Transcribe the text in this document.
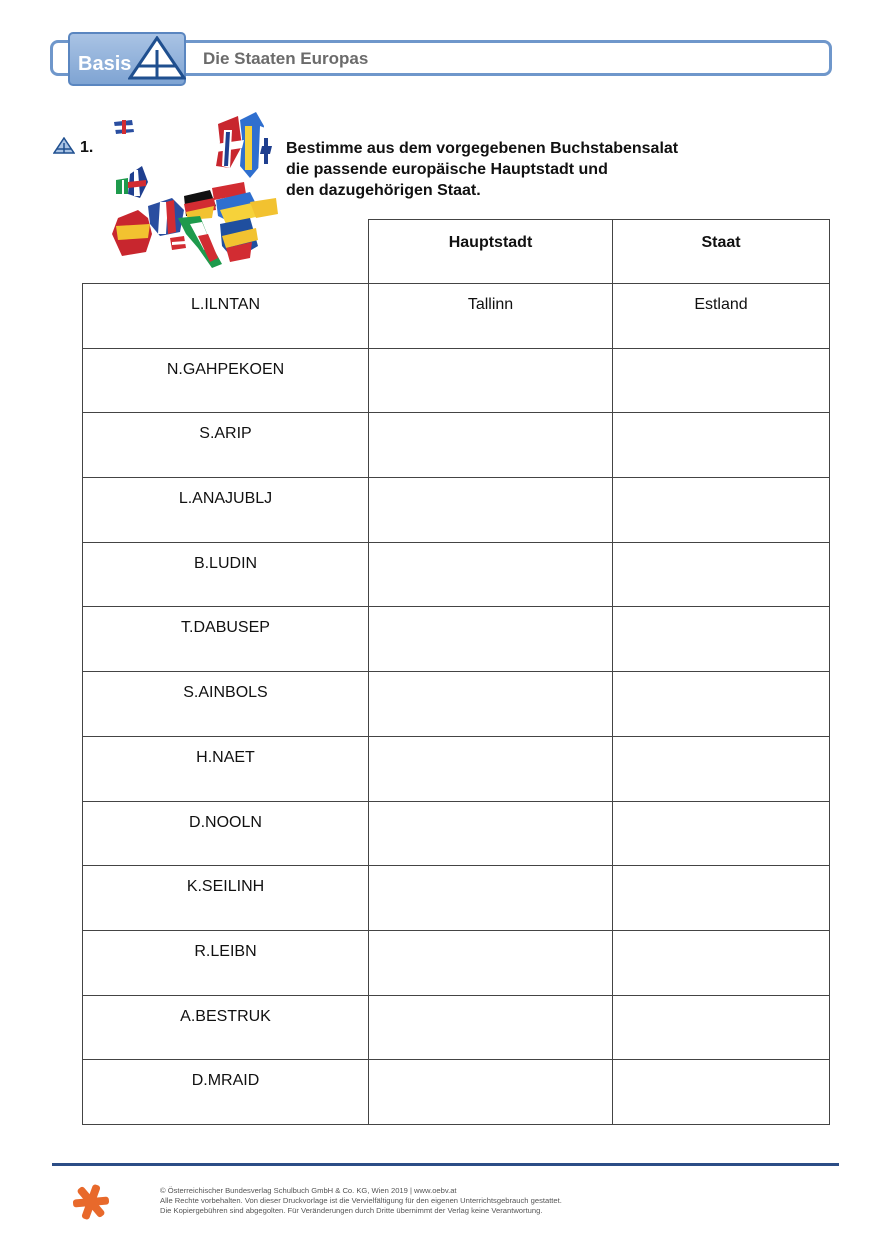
Basis	Die Staaten Europas
1.	Bestimme aus dem vorgegebenen Buchstabensalat
die passende europäische Hauptstadt und
den dazugehörigen Staat.
	Hauptstadt	Staat
L.ILNTAN	Tallinn	Estland
N.GAHPEKOEN		
S.ARIP		
L.ANAJUBLJ		
B.LUDIN		
T.DABUSEP		
S.AINBOLS		
H.NAET		
D.NOOLN		
K.SEILINH		
R.LEIBN		
A.BESTRUK		
D.MRAID		
© Österreichischer Bundesverlag Schulbuch GmbH & Co. KG, Wien 2019 | www.oebv.at
Alle Rechte vorbehalten. Von dieser Druckvorlage ist die Vervielfältigung für den eigenen Unterrichtsgebrauch gestattet.
Die Kopiergebühren sind abgegolten. Für Veränderungen durch Dritte übernimmt der Verlag keine Verantwortung.
